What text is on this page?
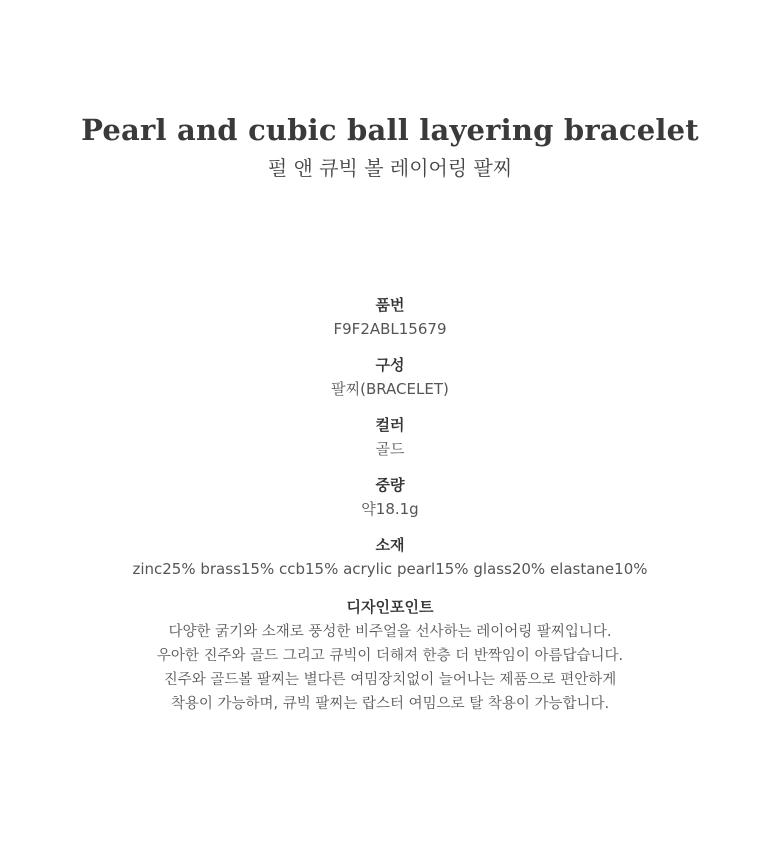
Pearl and cubic ball layering bracelet
펄 앤 큐빅 볼 레이어링 팔찌
품번
F9F2ABL15679
구성
팔찌(BRACELET)
컬러
골드
중량
약18.1g
소재
zinc25% brass15% ccb15% acrylic pearl15% glass20% elastane10%
디자인포인트
다양한 굵기와 소재로 풍성한 비주얼을 선사하는 레이어링 팔찌입니다.
우아한 진주와 골드 그리고 큐빅이 더해져 한층 더 반짝임이 아름답습니다.
진주와 골드볼 팔찌는 별다른 여밈장치없이 늘어나는 제품으로 편안하게
착용이 가능하며, 큐빅 팔찌는 랍스터 여밈으로 탈 착용이 가능합니다.
